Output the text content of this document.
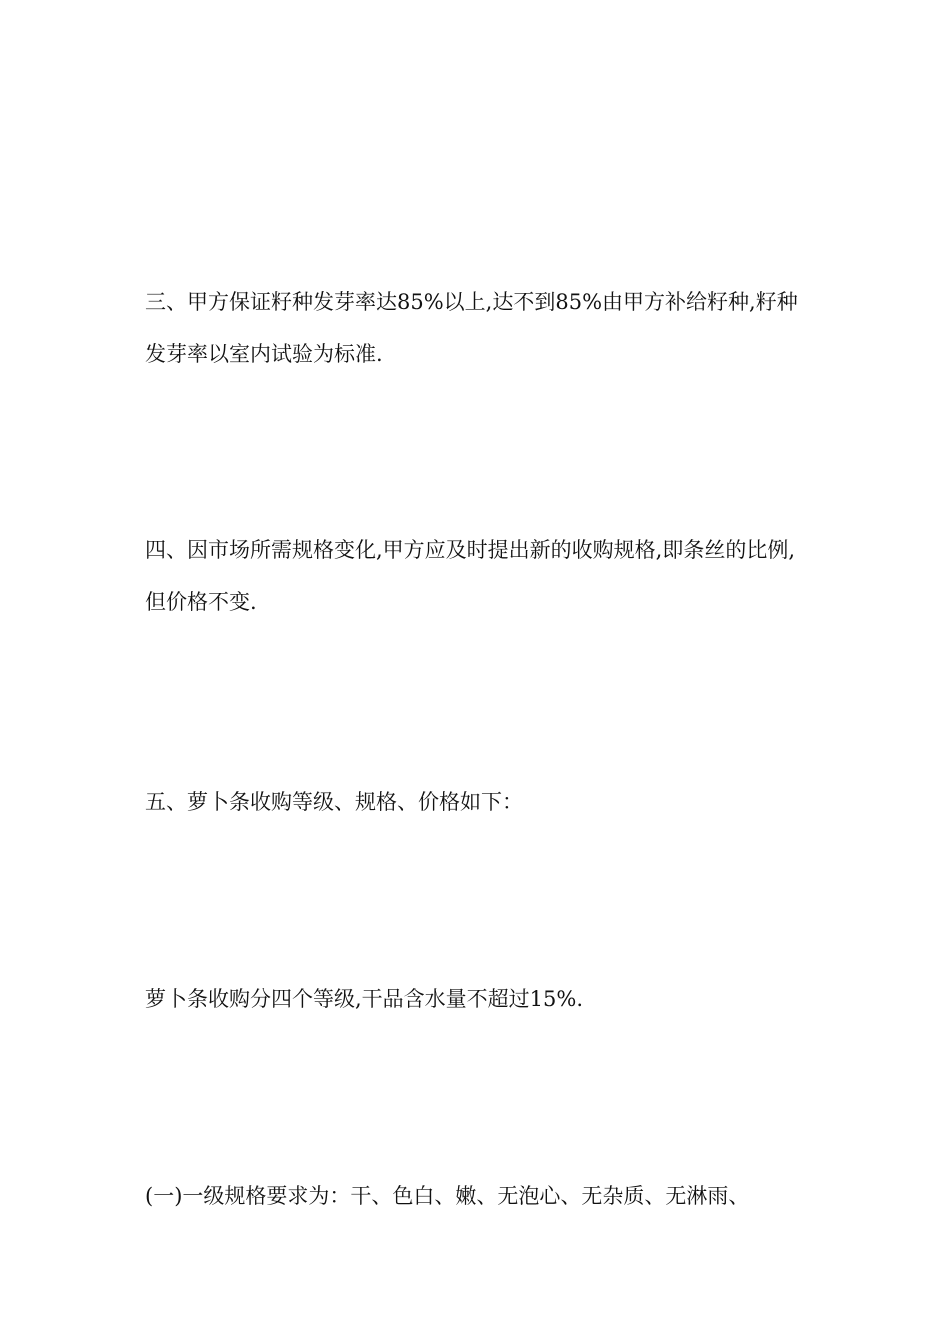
三、甲方保证籽种发芽率达85%以上,达不到85%由甲方补给籽种,籽种发芽率以室内试验为标准.

四、因市场所需规格变化,甲方应及时提出新的收购规格,即条丝的比例,但价格不变.

五、萝卜条收购等级、规格、价格如下：

萝卜条收购分四个等级,干品含水量不超过15%.

(一)一级规格要求为：干、色白、嫩、无泡心、无杂质、无淋雨、
